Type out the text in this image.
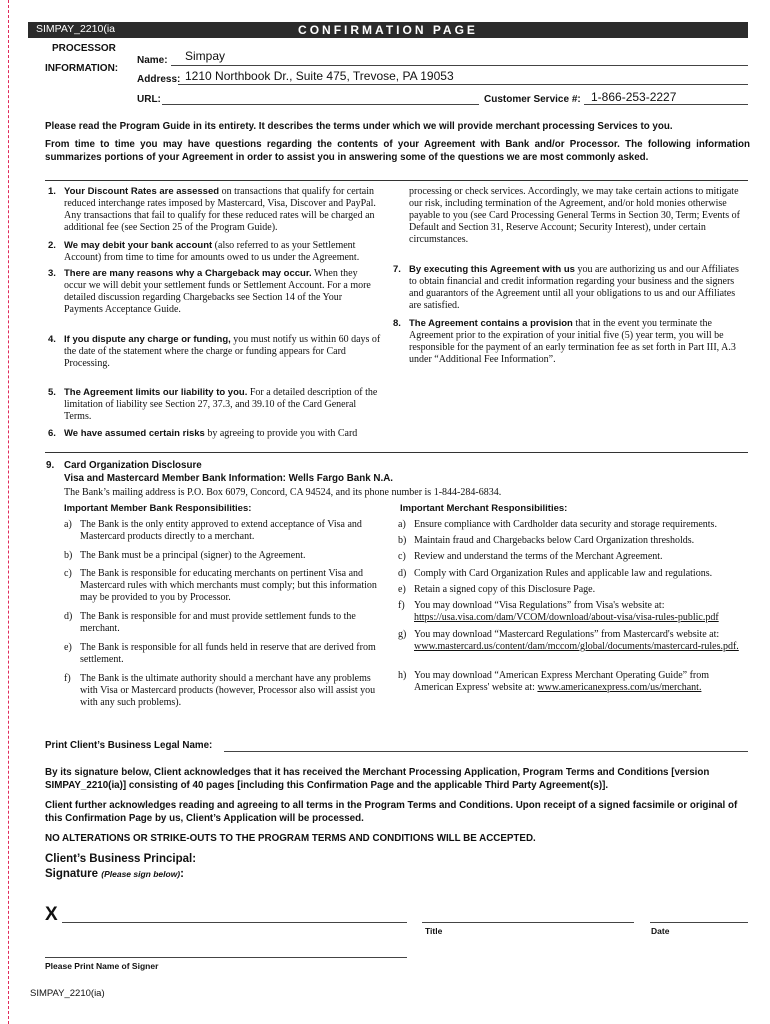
SIMPAY_2210(ia	CONFIRMATION PAGE
PROCESSOR
INFORMATION:
Name: Simpay
Address: 1210 Northbook Dr., Suite 475, Trevose, PA 19053
URL:	Customer Service #: 1-866-253-2227
Please read the Program Guide in its entirety. It describes the terms under which we will provide merchant processing Services to you.
From time to time you may have questions regarding the contents of your Agreement with Bank and/or Processor. The following information summarizes portions of your Agreement in order to assist you in answering some of the questions we are most commonly asked.
1. Your Discount Rates are assessed on transactions that qualify for certain reduced interchange rates imposed by Mastercard, Visa, Discover and PayPal. Any transactions that fail to qualify for these reduced rates will be charged an additional fee (see Section 25 of the Program Guide).
2. We may debit your bank account (also referred to as your Settlement Account) from time to time for amounts owed to us under the Agreement.
3. There are many reasons why a Chargeback may occur. When they occur we will debit your settlement funds or Settlement Account. For a more detailed discussion regarding Chargebacks see Section 14 of the Your Payments Acceptance Guide.
4. If you dispute any charge or funding, you must notify us within 60 days of the date of the statement where the charge or funding appears for Card Processing.
5. The Agreement limits our liability to you. For a detailed description of the limitation of liability see Section 27, 37.3, and 39.10 of the Card General Terms.
6. We have assumed certain risks by agreeing to provide you with Card
processing or check services. Accordingly, we may take certain actions to mitigate our risk, including termination of the Agreement, and/or hold monies otherwise payable to you (see Card Processing General Terms in Section 30, Term; Events of Default and Section 31, Reserve Account; Security Interest), under certain circumstances.
7. By executing this Agreement with us you are authorizing us and our Affiliates to obtain financial and credit information regarding your business and the signers and guarantors of the Agreement until all your obligations to us and our Affiliates are satisfied.
8. The Agreement contains a provision that in the event you terminate the Agreement prior to the expiration of your initial five (5) year term, you will be responsible for the payment of an early termination fee as set forth in Part III, A.3 under “Additional Fee Information”.
9. Card Organization Disclosure
Visa and Mastercard Member Bank Information: Wells Fargo Bank N.A.
The Bank’s mailing address is P.O. Box 6079, Concord, CA 94524, and its phone number is 1-844-284-6834.
Important Member Bank Responsibilities:	Important Merchant Responsibilities:
a) The Bank is the only entity approved to extend acceptance of Visa and Mastercard products directly to a merchant.
b) The Bank must be a principal (signer) to the Agreement.
c) The Bank is responsible for educating merchants on pertinent Visa and Mastercard rules with which merchants must comply; but this information may be provided to you by Processor.
d) The Bank is responsible for and must provide settlement funds to the merchant.
e) The Bank is responsible for all funds held in reserve that are derived from settlement.
f) The Bank is the ultimate authority should a merchant have any problems with Visa or Mastercard products (however, Processor also will assist you with any such problems).
a) Ensure compliance with Cardholder data security and storage requirements.
b) Maintain fraud and Chargebacks below Card Organization thresholds.
c) Review and understand the terms of the Merchant Agreement.
d) Comply with Card Organization Rules and applicable law and regulations.
e) Retain a signed copy of this Disclosure Page.
f) You may download “Visa Regulations” from Visa's website at:
https://usa.visa.com/dam/VCOM/download/about-visa/visa-rules-public.pdf
g) You may download “Mastercard Regulations” from Mastercard's website at: www.mastercard.us/content/dam/mccom/global/documents/mastercard-rules.pdf.
h) You may download “American Express Merchant Operating Guide” from American Express' website at: www.americanexpress.com/us/merchant.
Print Client’s Business Legal Name:
By its signature below, Client acknowledges that it has received the Merchant Processing Application, Program Terms and Conditions [version SIMPAY_2210(ia)] consisting of 40 pages [including this Confirmation Page and the applicable Third Party Agreement(s)].
Client further acknowledges reading and agreeing to all terms in the Program Terms and Conditions. Upon receipt of a signed facsimile or original of this Confirmation Page by us, Client’s Application will be processed.
NO ALTERATIONS OR STRIKE-OUTS TO THE PROGRAM TERMS AND CONDITIONS WILL BE ACCEPTED.
Client’s Business Principal:
Signature (Please sign below):
X
Title	Date
Please Print Name of Signer
SIMPAY_2210(ia)
